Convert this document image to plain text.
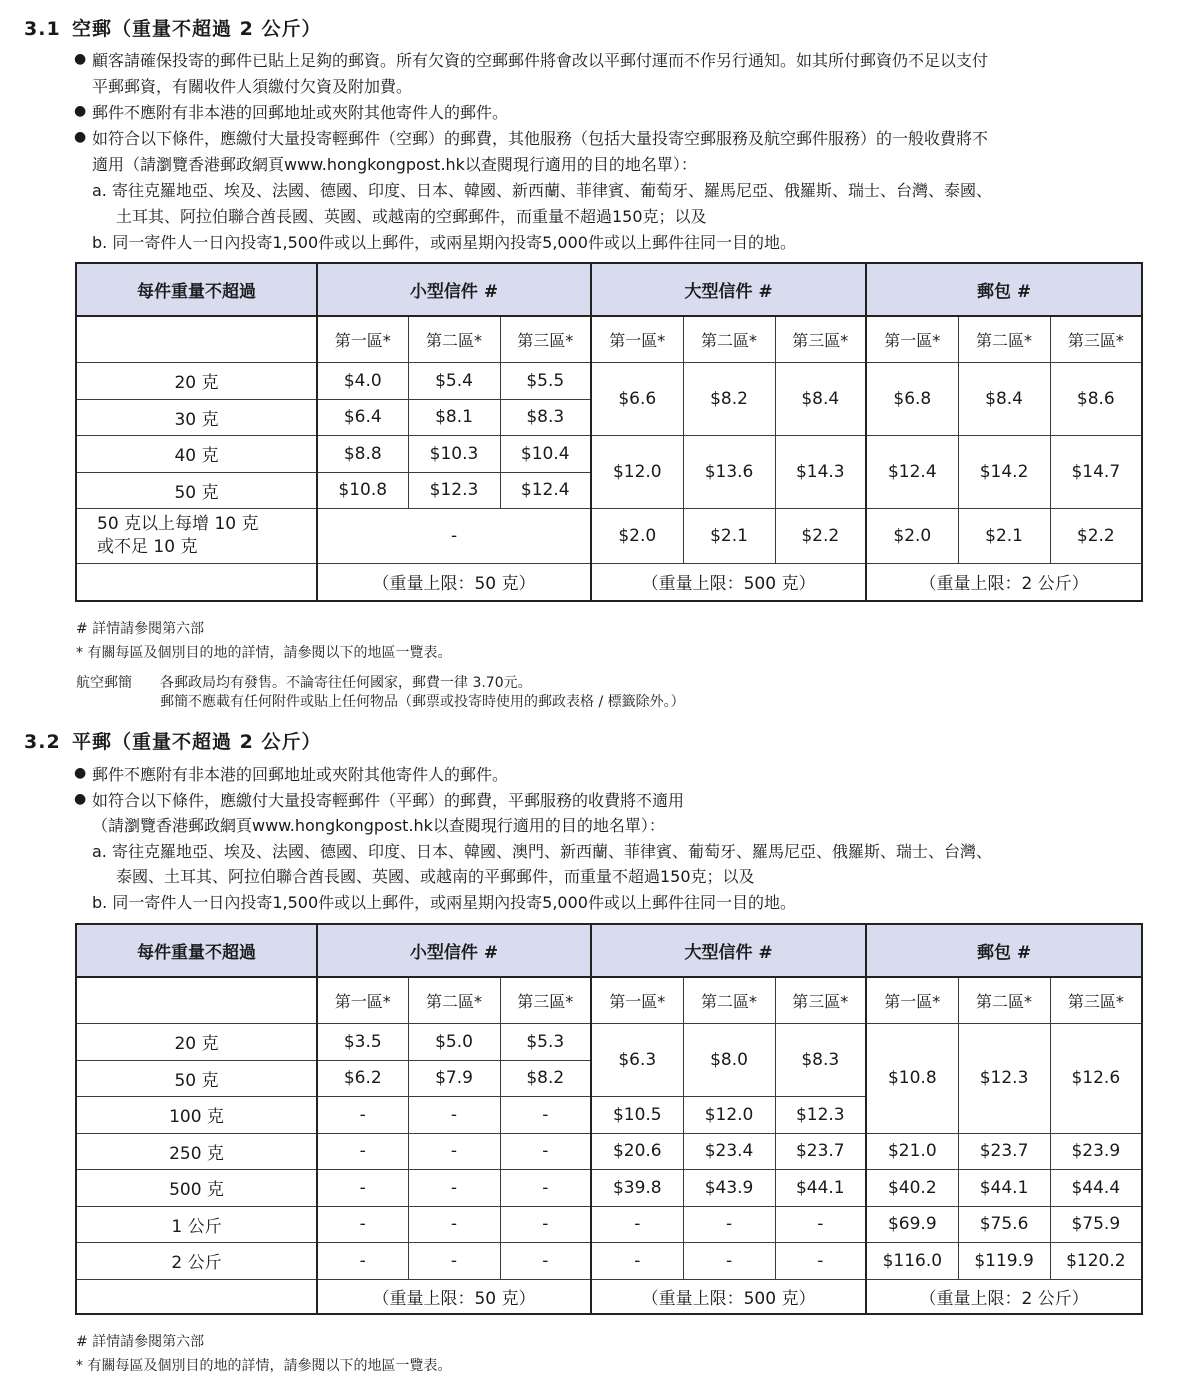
3.1 空郵（重量不超過 2 公斤）
● 顧客請確保投寄的郵件已貼上足夠的郵資。所有欠資的空郵郵件將會改以平郵付運而不作另行通知。如其所付郵資仍不足以支付
平郵郵資，有關收件人須繳付欠資及附加費。
● 郵件不應附有非本港的回郵地址或夾附其他寄件人的郵件。
● 如符合以下條件，應繳付大量投寄輕郵件（空郵）的郵費，其他服務（包括大量投寄空郵服務及航空郵件服務）的一般收費將不
適用（請瀏覽香港郵政網頁www.hongkongpost.hk以查閱現行適用的目的地名單）：
a. 寄往克羅地亞、埃及、法國、德國、印度、日本、韓國、新西蘭、菲律賓、葡萄牙、羅馬尼亞、俄羅斯、瑞士、台灣、泰國、
土耳其、阿拉伯聯合酋長國、英國、或越南的空郵郵件，而重量不超過150克；以及
b. 同一寄件人一日內投寄1,500件或以上郵件，或兩星期內投寄5,000件或以上郵件往同一目的地。
每件重量不超過	小型信件 #			大型信件 #			郵包 #		
	第一區*	第二區*	第三區*	第一區*	第二區*	第三區*	第一區*	第二區*	第三區*
20 克	$4.0	$5.4	$5.5	$6.6	$8.2	$8.4	$6.8	$8.4	$8.6
30 克	$6.4	$8.1	$8.3						
40 克	$8.8	$10.3	$10.4	$12.0	$13.6	$14.3	$12.4	$14.2	$14.7
50 克	$10.8	$12.3	$12.4						
50 克以上每增 10 克
或不足 10 克	-			$2.0	$2.1	$2.2	$2.0	$2.1	$2.2
	（重量上限：50 克）			（重量上限：500 克）			（重量上限：2 公斤）		
# 詳情請參閱第六部
* 有關每區及個別目的地的詳情，請參閱以下的地區一覽表。
航空郵簡 各郵政局均有發售。不論寄往任何國家，郵費一律 3.70元。
郵簡不應載有任何附件或貼上任何物品（郵票或投寄時使用的郵政表格 / 標籤除外。）
3.2 平郵（重量不超過 2 公斤）
● 郵件不應附有非本港的回郵地址或夾附其他寄件人的郵件。
● 如符合以下條件，應繳付大量投寄輕郵件（平郵）的郵費，平郵服務的收費將不適用
（請瀏覽香港郵政網頁www.hongkongpost.hk以查閱現行適用的目的地名單）：
a. 寄往克羅地亞、埃及、法國、德國、印度、日本、韓國、澳門、新西蘭、菲律賓、葡萄牙、羅馬尼亞、俄羅斯、瑞士、台灣、
泰國、土耳其、阿拉伯聯合酋長國、英國、或越南的平郵郵件，而重量不超過150克；以及
b. 同一寄件人一日內投寄1,500件或以上郵件，或兩星期內投寄5,000件或以上郵件往同一目的地。
每件重量不超過	小型信件 #			大型信件 #			郵包 #		
	第一區*	第二區*	第三區*	第一區*	第二區*	第三區*	第一區*	第二區*	第三區*
20 克	$3.5	$5.0	$5.3	$6.3	$8.0	$8.3	$10.8	$12.3	$12.6
50 克	$6.2	$7.9	$8.2						
100 克	-	-	-	$10.5	$12.0	$12.3			
250 克	-	-	-	$20.6	$23.4	$23.7	$21.0	$23.7	$23.9
500 克	-	-	-	$39.8	$43.9	$44.1	$40.2	$44.1	$44.4
1 公斤	-	-	-	-	-	-	$69.9	$75.6	$75.9
2 公斤	-	-	-	-	-	-	$116.0	$119.9	$120.2
	（重量上限：50 克）			（重量上限：500 克）			（重量上限：2 公斤）		
# 詳情請參閱第六部
* 有關每區及個別目的地的詳情，請參閱以下的地區一覽表。
